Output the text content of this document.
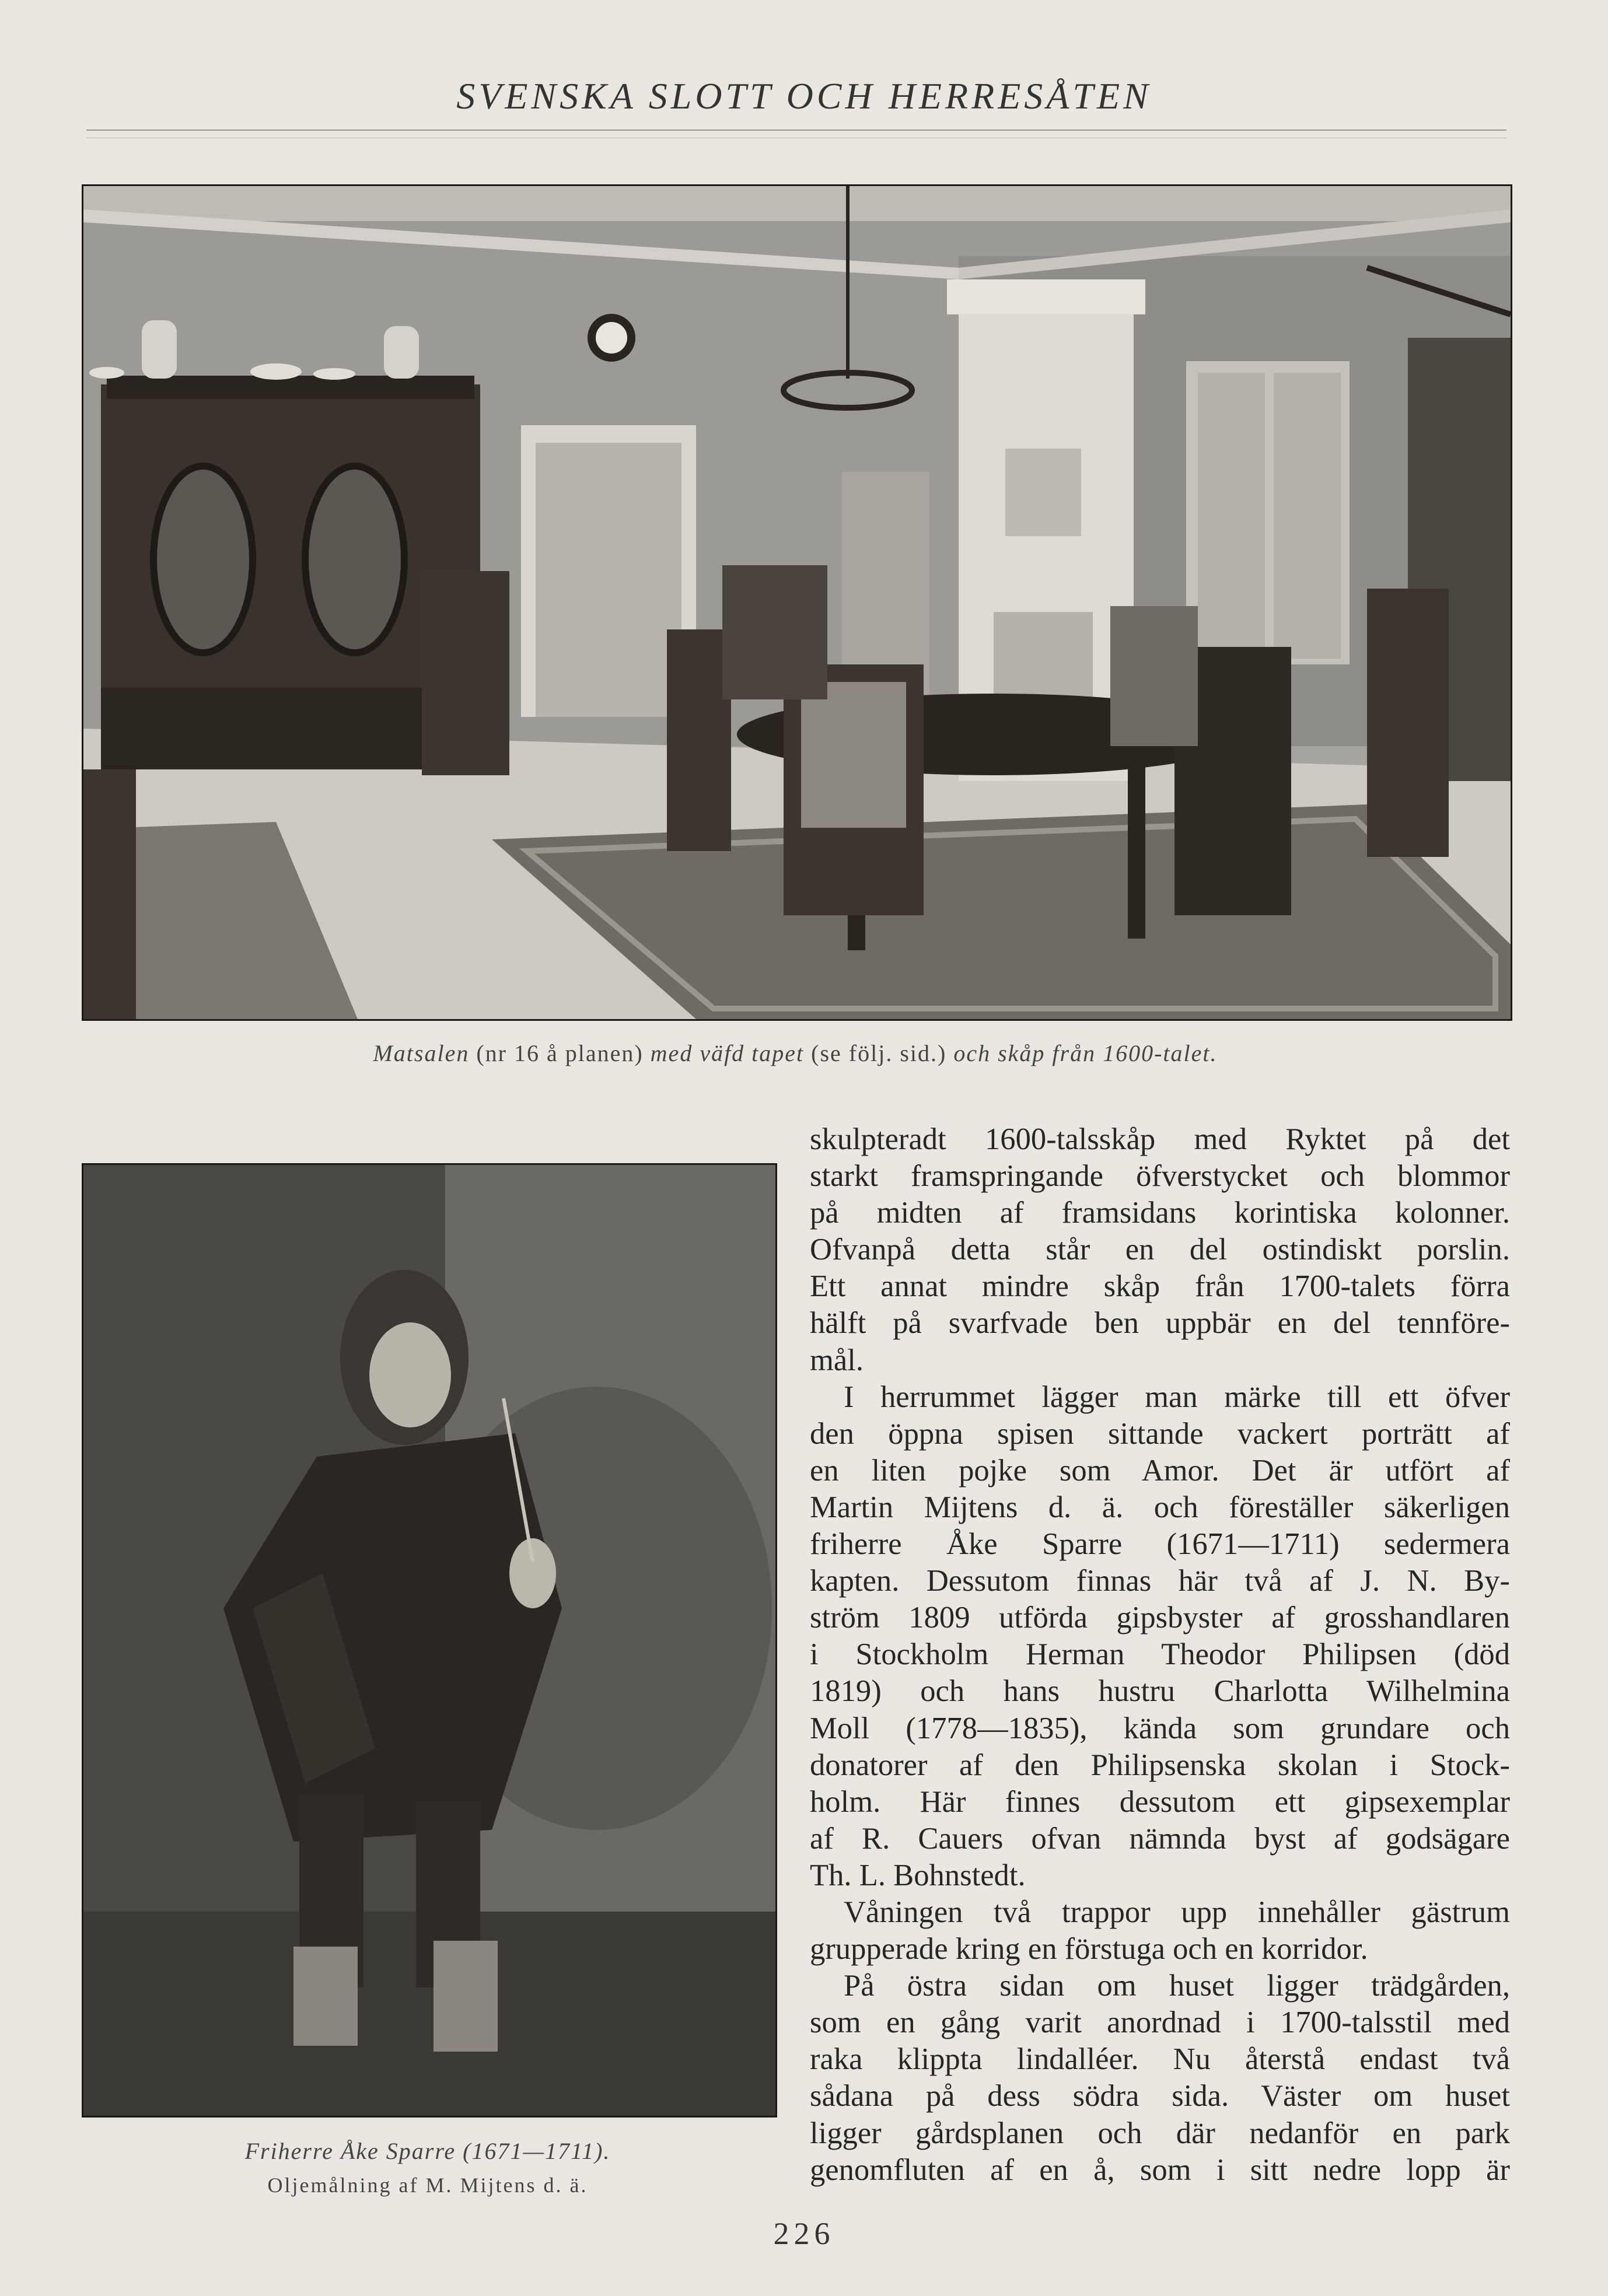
SVENSKA SLOTT OCH HERRESÅTEN
Matsalen (nr 16 å planen) med väfd tapet (se följ. sid.) och skåp från 1600-talet.
Friherre Åke Sparre (1671—1711).
Oljemålning af M. Mijtens d. ä.
skulpteradt 1600-talsskåp med Ryktet på det
starkt framspringande öfverstycket och blommor
på midten af framsidans korintiska kolonner.
Ofvanpå detta står en del ostindiskt porslin.
Ett annat mindre skåp från 1700-talets förra
hälft på svarfvade ben uppbär en del tennföre-
mål.
I herrummet lägger man märke till ett öfver
den öppna spisen sittande vackert porträtt af
en liten pojke som Amor. Det är utfört af
Martin Mijtens d. ä. och föreställer säkerligen
friherre Åke Sparre (1671—1711) sedermera
kapten. Dessutom finnas här två af J. N. By-
ström 1809 utförda gipsbyster af grosshandlaren
i Stockholm Herman Theodor Philipsen (död
1819) och hans hustru Charlotta Wilhelmina
Moll (1778—1835), kända som grundare och
donatorer af den Philipsenska skolan i Stock-
holm. Här finnes dessutom ett gipsexemplar
af R. Cauers ofvan nämnda byst af godsägare
Th. L. Bohnstedt.
Våningen två trappor upp innehåller gästrum
grupperade kring en förstuga och en korridor.
På östra sidan om huset ligger trädgården,
som en gång varit anordnad i 1700-talsstil med
raka klippta lindalléer. Nu återstå endast två
sådana på dess södra sida. Väster om huset
ligger gårdsplanen och där nedanför en park
genomfluten af en å, som i sitt nedre lopp är
226
